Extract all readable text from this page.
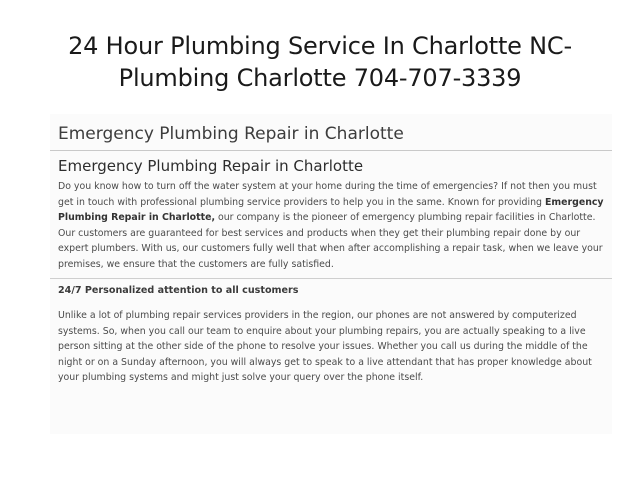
24 Hour Plumbing Service In Charlotte NC-
Plumbing Charlotte 704-707-3339
Emergency Plumbing Repair in Charlotte
Emergency Plumbing Repair in Charlotte
Do you know how to turn off the water system at your home during the time of emergencies? If not then you must get in touch with professional plumbing service providers to help you in the same. Known for providing Emergency Plumbing Repair in Charlotte, our company is the pioneer of emergency plumbing repair facilities in Charlotte. Our customers are guaranteed for best services and products when they get their plumbing repair done by our expert plumbers. With us, our customers fully well that when after accomplishing a repair task, when we leave your premises, we ensure that the customers are fully satisfied.
24/7 Personalized attention to all customers
Unlike a lot of plumbing repair services providers in the region, our phones are not answered by computerized systems. So, when you call our team to enquire about your plumbing repairs, you are actually speaking to a live person sitting at the other side of the phone to resolve your issues. Whether you call us during the middle of the night or on a Sunday afternoon, you will always get to speak to a live attendant that has proper knowledge about your plumbing systems and might just solve your query over the phone itself.
